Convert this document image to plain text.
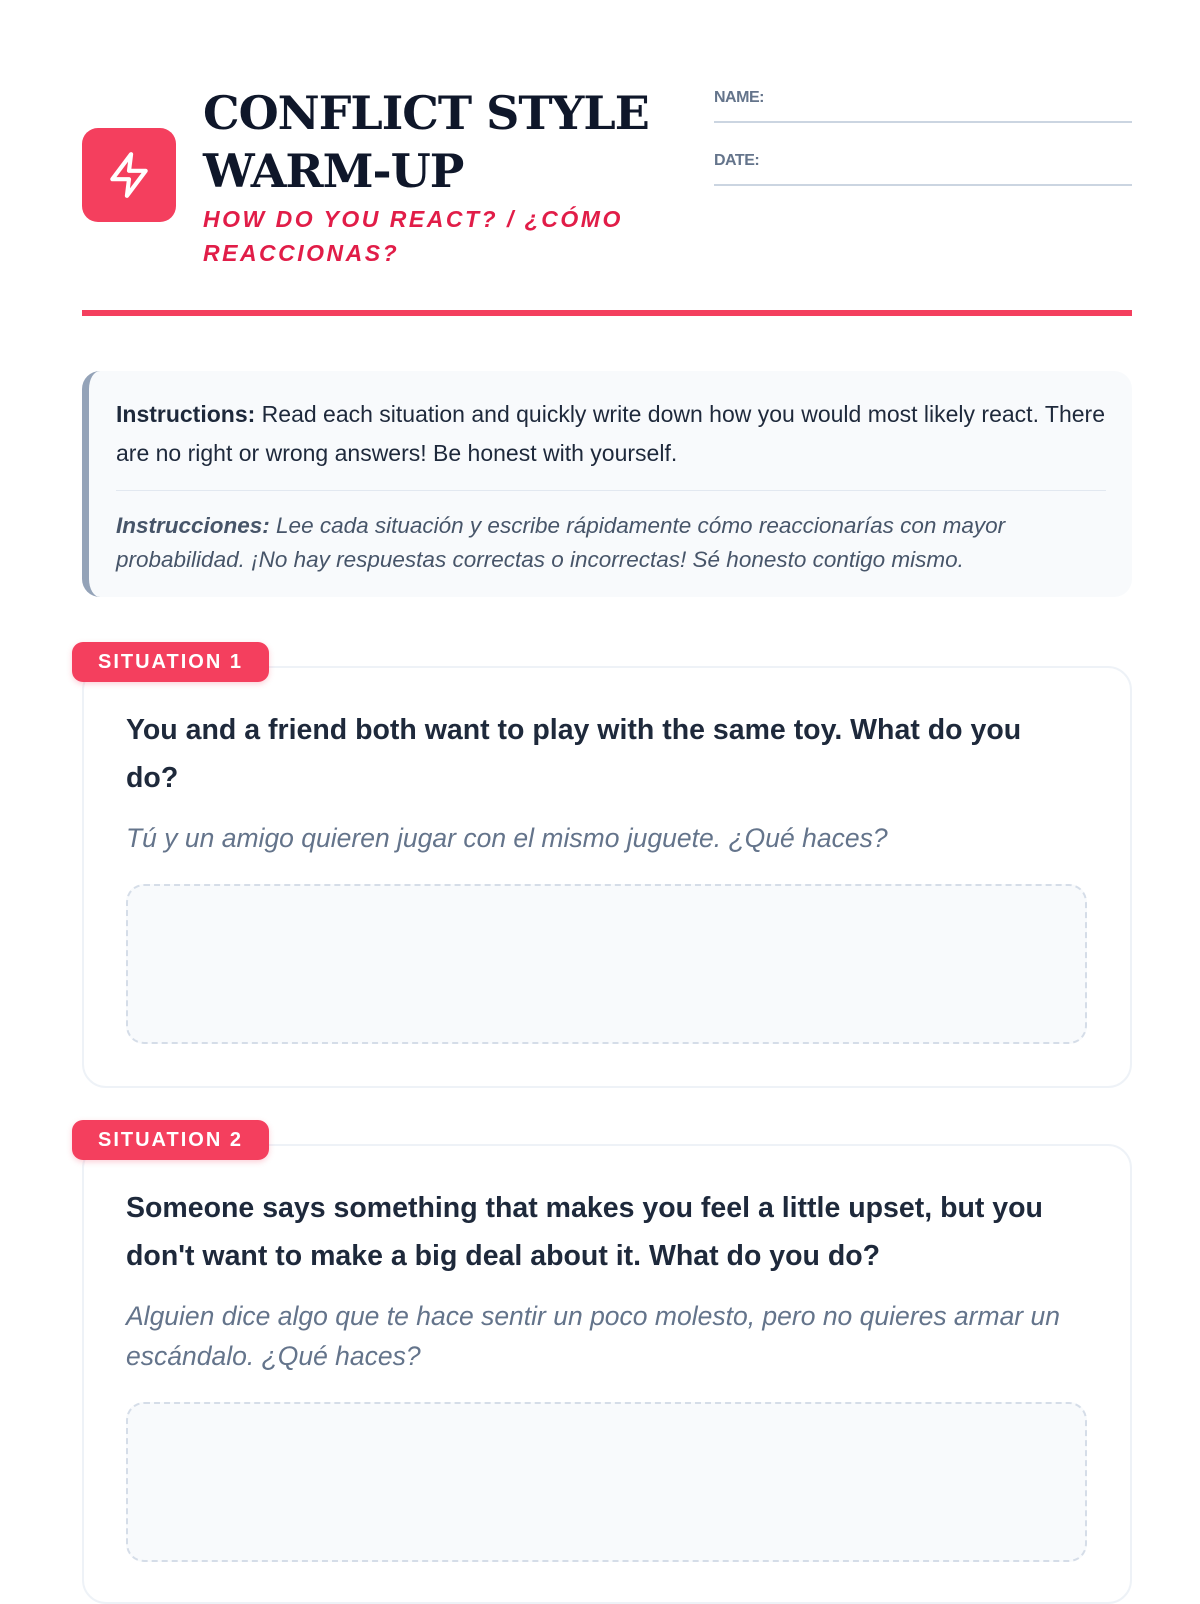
CONFLICT STYLE WARM-UP

HOW DO YOU REACT? / ¿CÓMO REACCIONAS?

NAME:
DATE:

Instructions: Read each situation and quickly write down how you would most likely react. There are no right or wrong answers! Be honest with yourself.

Instrucciones: Lee cada situación y escribe rápidamente cómo reaccionarías con mayor probabilidad. ¡No hay respuestas correctas o incorrectas! Sé honesto contigo mismo.

SITUATION 1

You and a friend both want to play with the same toy. What do you do?

Tú y un amigo quieren jugar con el mismo juguete. ¿Qué haces?

SITUATION 2

Someone says something that makes you feel a little upset, but you don't want to make a big deal about it. What do you do?

Alguien dice algo que te hace sentir un poco molesto, pero no quieres armar un escándalo. ¿Qué haces?
